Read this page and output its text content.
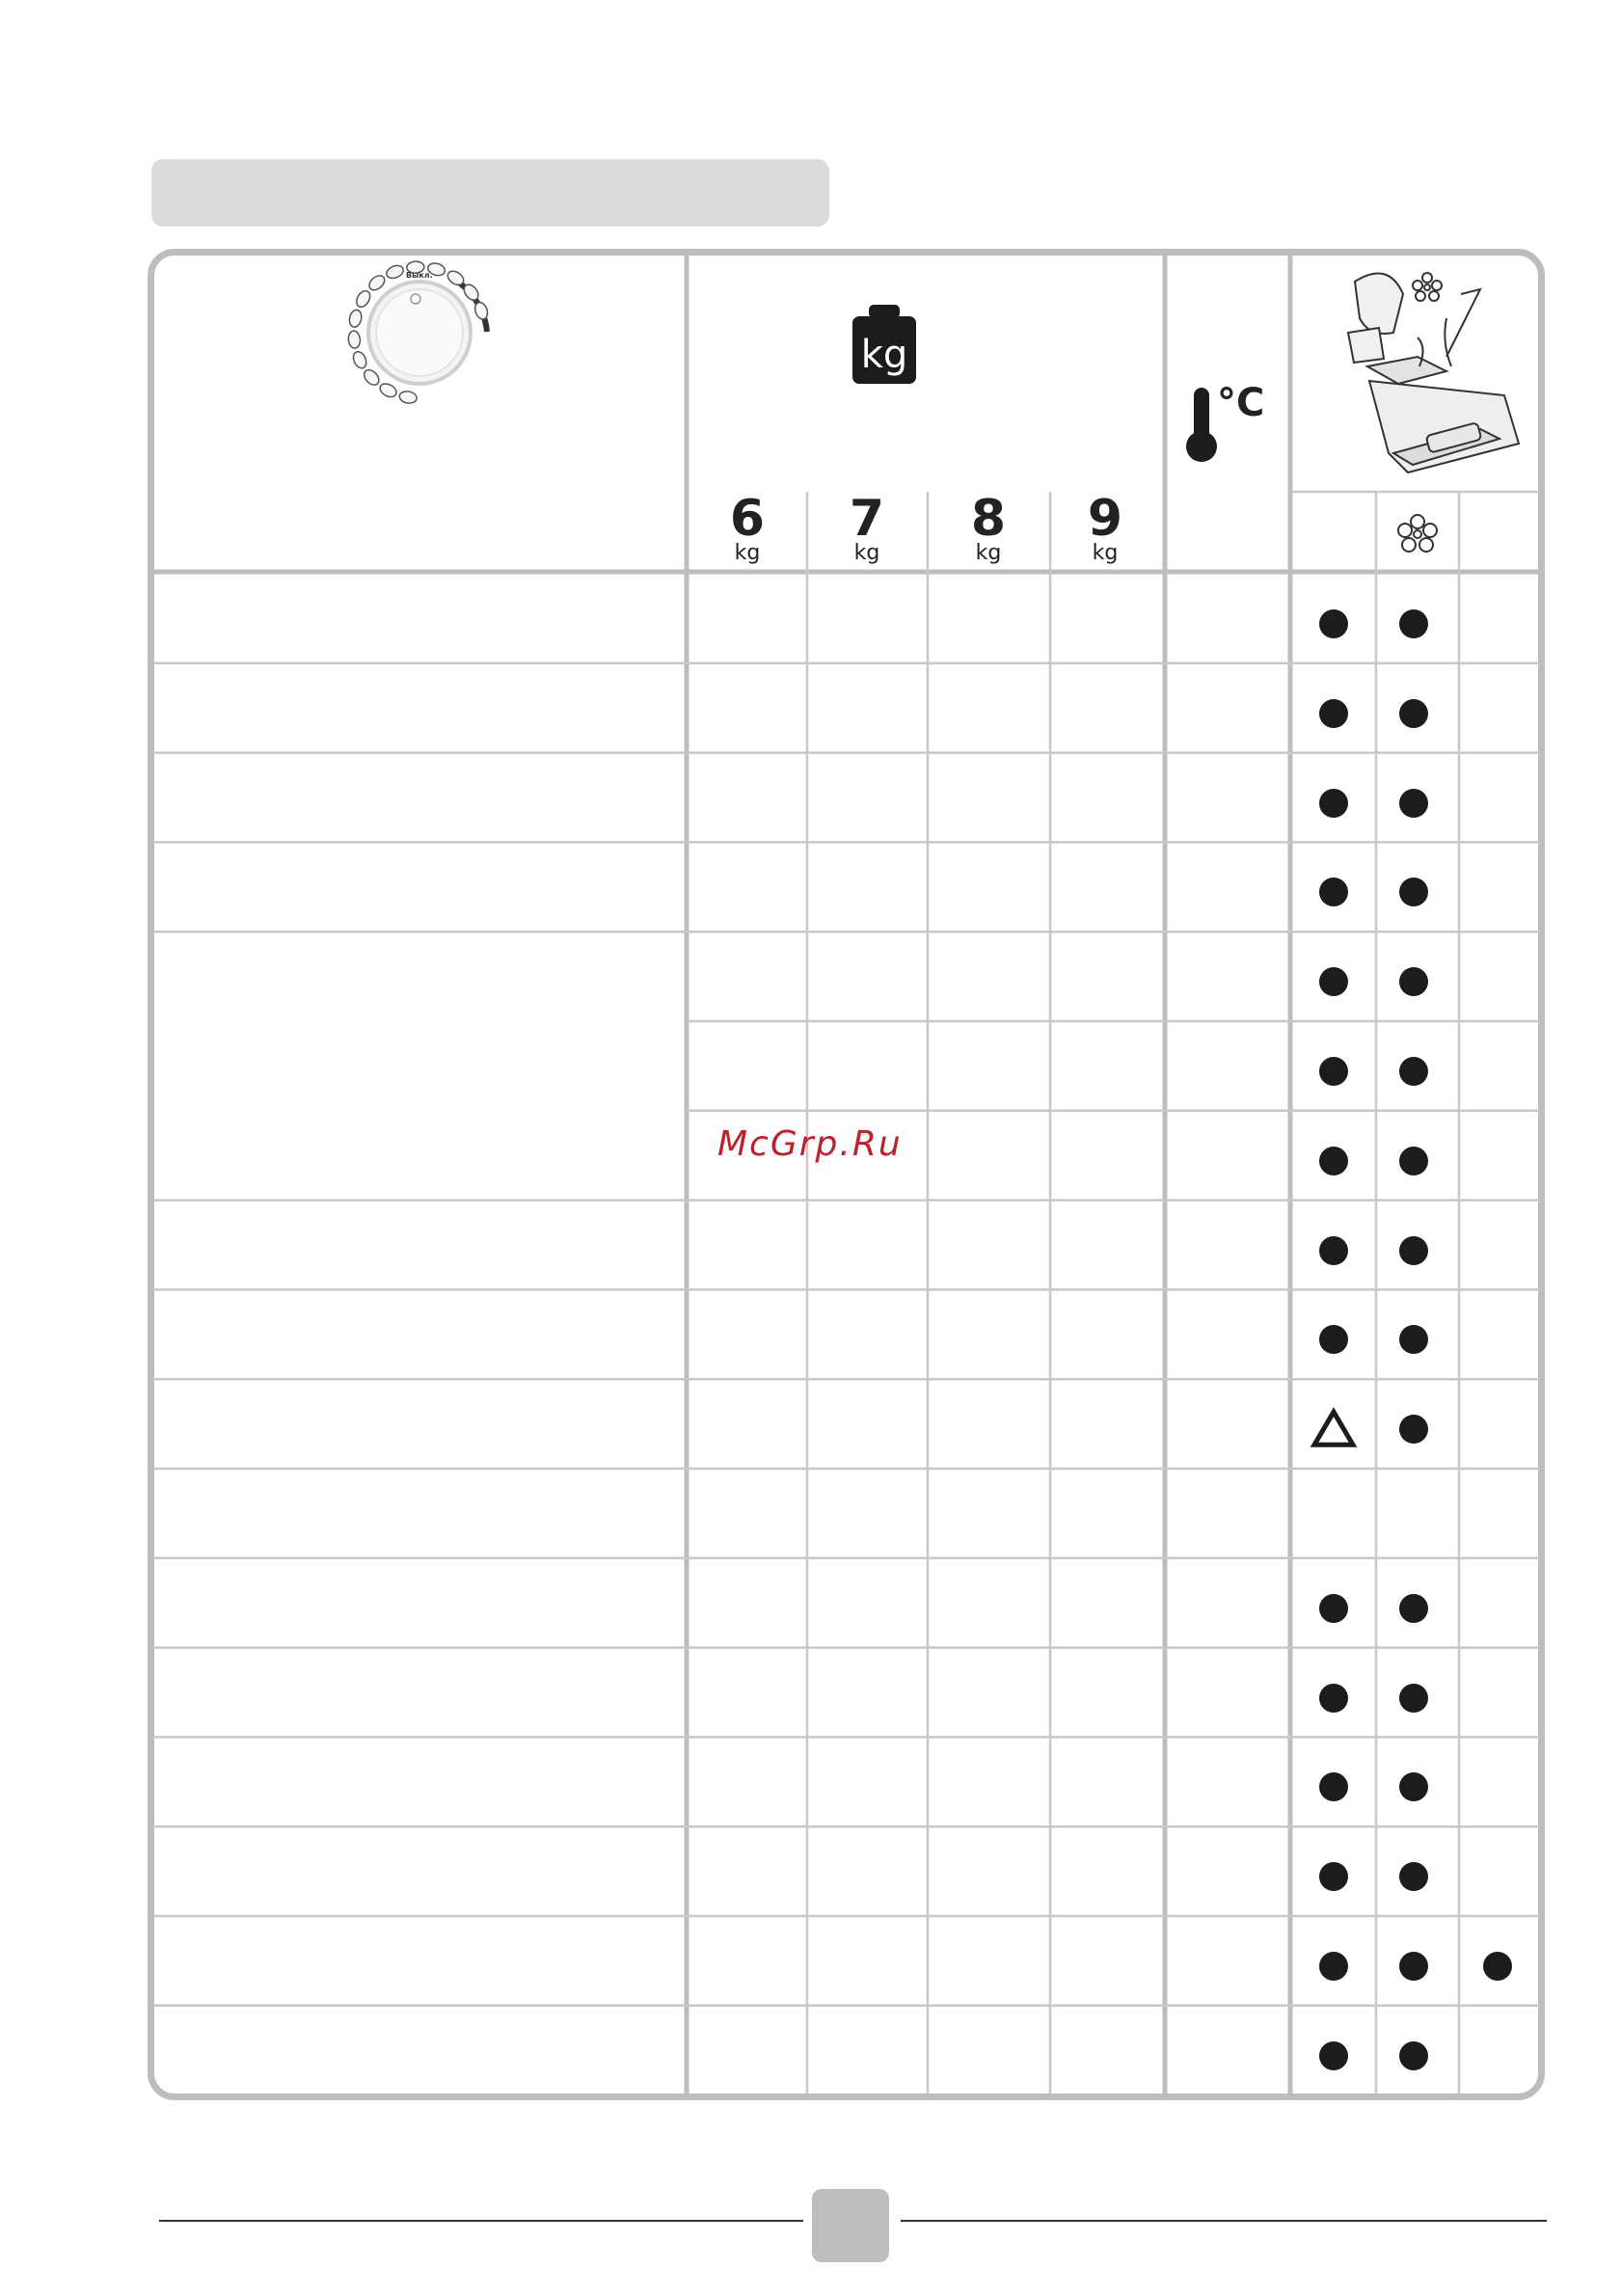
kg
Выкл.
6
kg
7
kg
8
kg
9
kg
°C
McGrp.Ru
